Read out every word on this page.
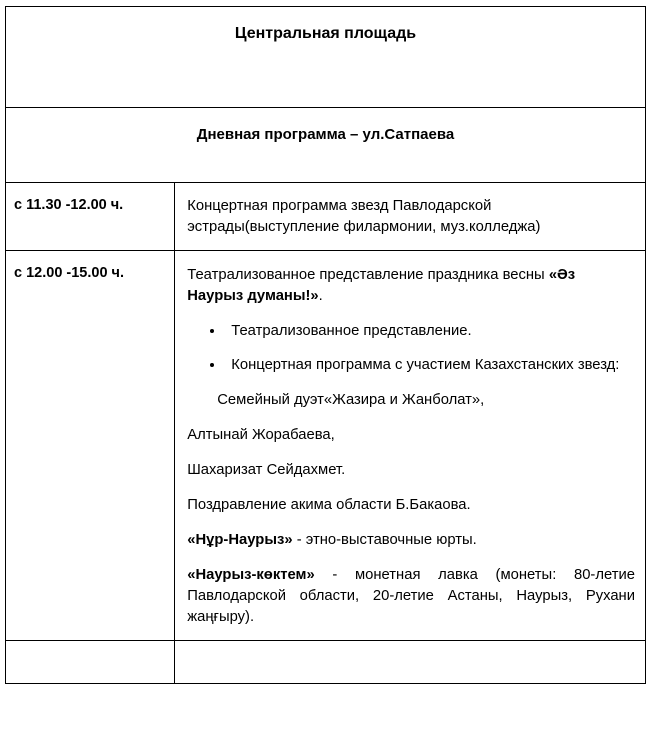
Центральная площадь	
Дневная программа – ул.Сатпаева	
с 11.30 -12.00 ч.	Концертная программа звезд Павлодарской эстрады(выступление филармонии, муз.колледжа)

с 12.00 -15.00 ч.	Театрализованное представление праздника весны «Әз Наурыз думаны!».

• Театрализованное представление.
• Концертная программа с участием Казахстанских звезд:

Семейный дуэт«Жазира и Жанболат»,

Алтынай Жорабаева,

Шахаризат Сейдахмет.

Поздравление акима области Б.Бакаова.

«Нұр-Наурыз» - этно-выставочные юрты.

«Наурыз-көктем» - монетная лавка (монеты: 80-летие Павлодарской области, 20-летие Астаны, Наурыз, Рухани жаңғыру).
